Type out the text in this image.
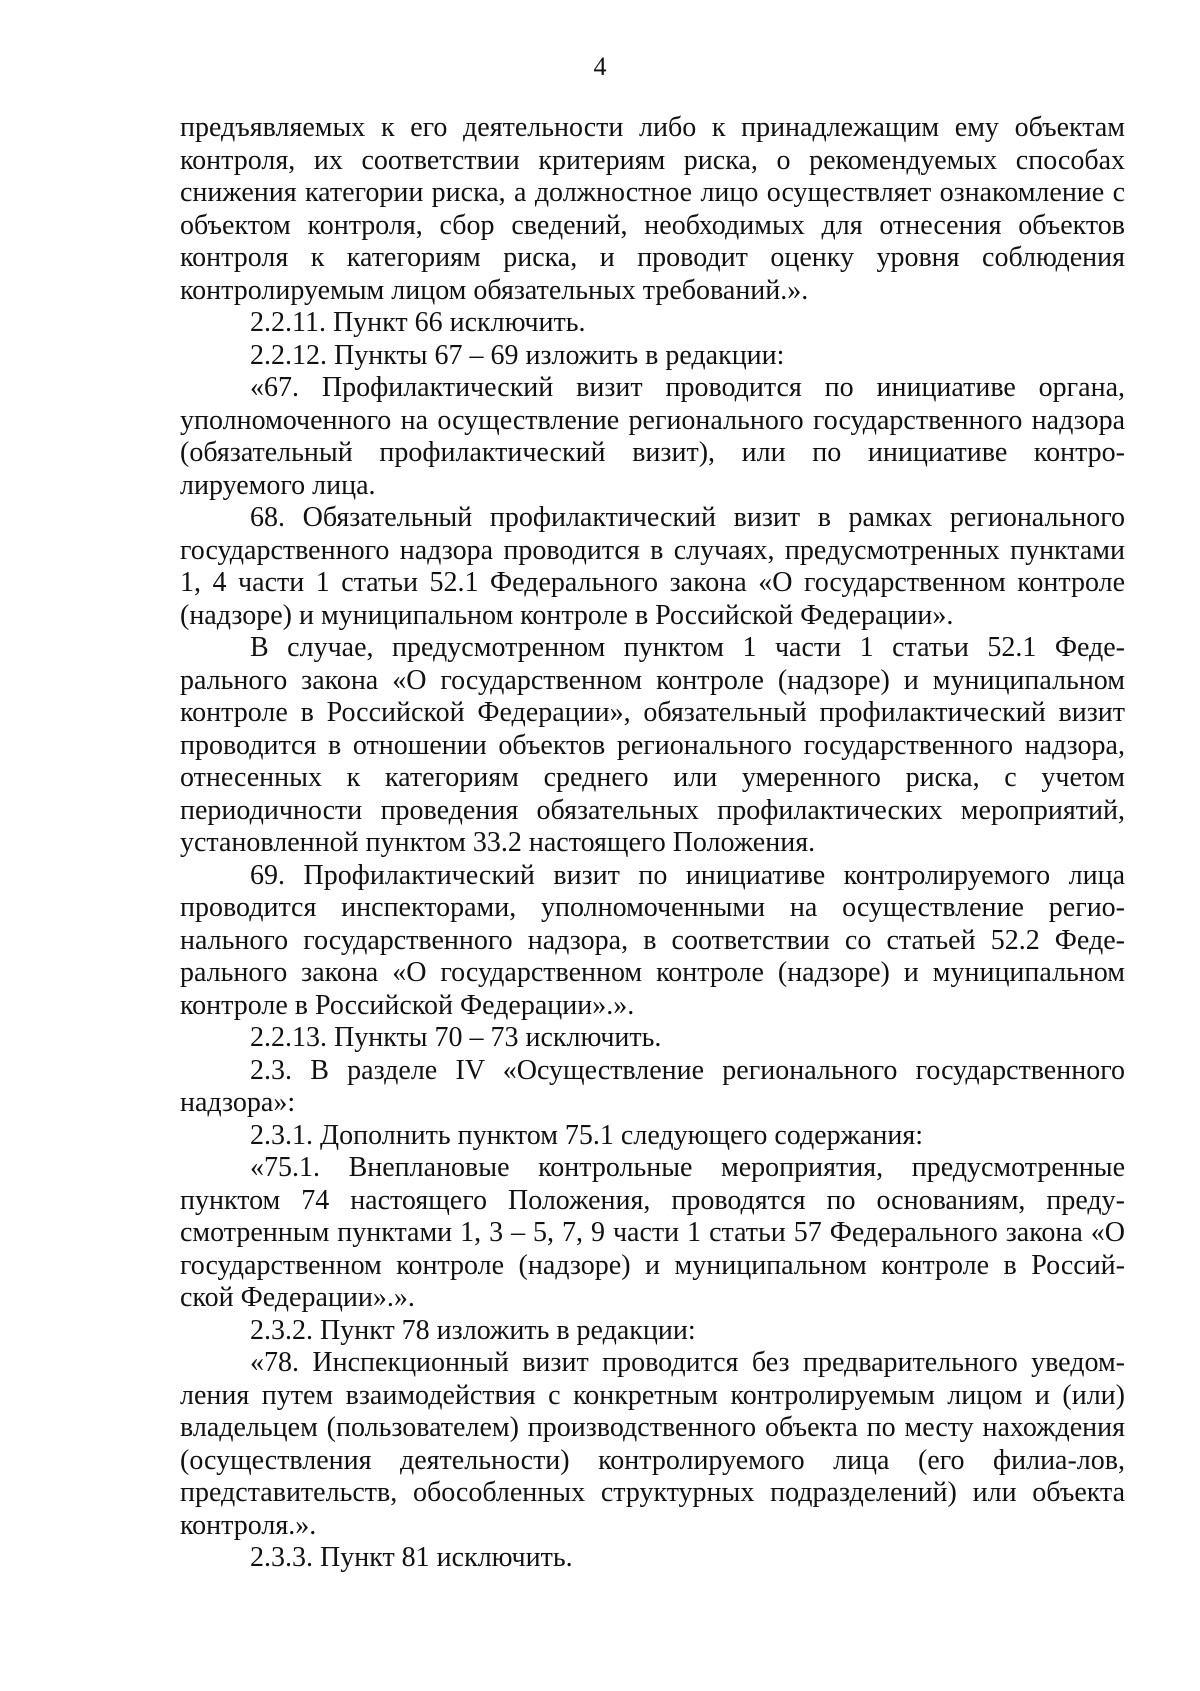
4

предъявляемых к его деятельности либо к принадлежащим ему объектам контроля, их соответствии критериям риска, о рекомендуемых способах снижения категории риска, а должностное лицо осуществляет ознакомление с объектом контроля, сбор сведений, необходимых для отнесения объектов контроля к категориям риска, и проводит оценку уровня соблюдения контролируемым лицом обязательных требований.».

2.2.11. Пункт 66 исключить.

2.2.12. Пункты 67 – 69 изложить в редакции:

«67. Профилактический визит проводится по инициативе органа, уполномоченного на осуществление регионального государственного надзора (обязательный профилактический визит), или по инициативе контро-лируемого лица.

68. Обязательный профилактический визит в рамках регионального государственного надзора проводится в случаях, предусмотренных пунктами 1, 4 части 1 статьи 52.1 Федерального закона «О государственном контроле (надзоре) и муниципальном контроле в Российской Федерации».

В случае, предусмотренном пунктом 1 части 1 статьи 52.1 Феде-рального закона «О государственном контроле (надзоре) и муниципальном контроле в Российской Федерации», обязательный профилактический визит проводится в отношении объектов регионального государственного надзора, отнесенных к категориям среднего или умеренного риска, с учетом периодичности проведения обязательных профилактических мероприятий, установленной пунктом 33.2 настоящего Положения.

69. Профилактический визит по инициативе контролируемого лица проводится инспекторами, уполномоченными на осуществление регио-нального государственного надзора, в соответствии со статьей 52.2 Феде-рального закона «О государственном контроле (надзоре) и муниципальном контроле в Российской Федерации».».

2.2.13. Пункты 70 – 73 исключить.

2.3. В разделе IV «Осуществление регионального государственного надзора»:

2.3.1. Дополнить пунктом 75.1 следующего содержания:

«75.1. Внеплановые контрольные мероприятия, предусмотренные пунктом 74 настоящего Положения, проводятся по основаниям, преду-смотренным пунктами 1, 3 – 5, 7, 9 части 1 статьи 57 Федерального закона «О государственном контроле (надзоре) и муниципальном контроле в Россий-ской Федерации».».

2.3.2. Пункт 78 изложить в редакции:

«78. Инспекционный визит проводится без предварительного уведом-ления путем взаимодействия с конкретным контролируемым лицом и (или) владельцем (пользователем) производственного объекта по месту нахождения (осуществления деятельности) контролируемого лица (его филиа-лов, представительств, обособленных структурных подразделений) или объекта контроля.».

2.3.3. Пункт 81 исключить.
